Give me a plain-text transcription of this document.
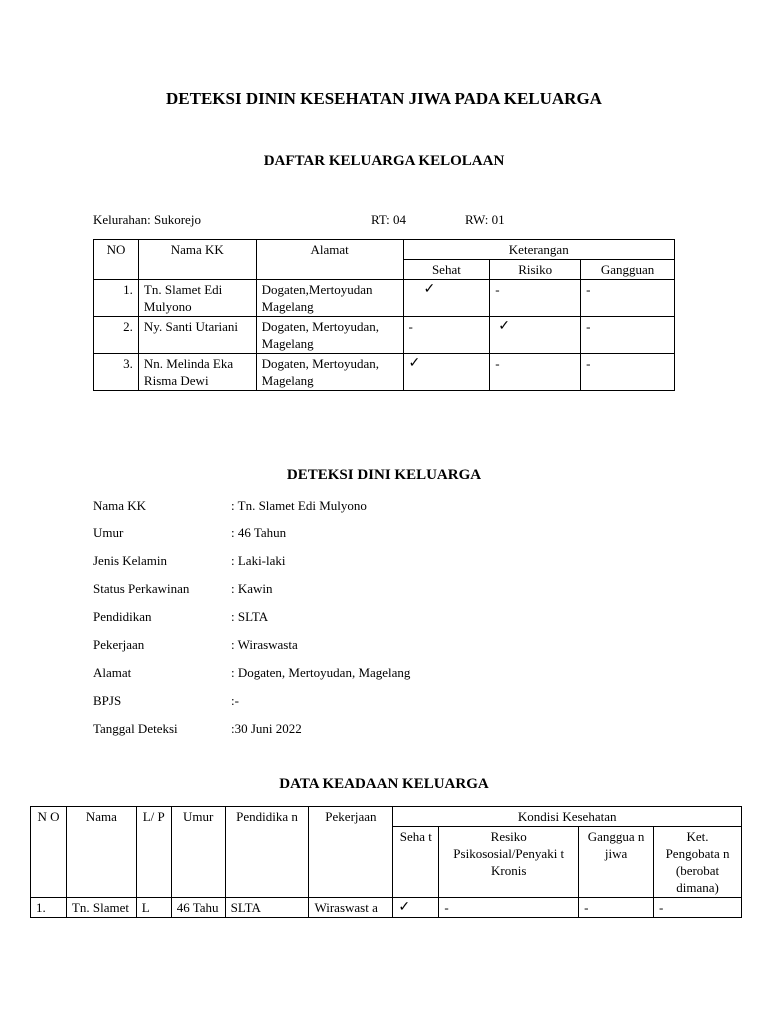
DETEKSI DININ KESEHATAN JIWA PADA KELUARGA
DAFTAR KELUARGA KELOLAAN
Kelurahan: Sukorejo	RT: 04	RW: 01
NO	Nama KK	Alamat	Keterangan		
			Sehat	Risiko	Gangguan
1.	Tn. Slamet Edi Mulyono	Dogaten,Mertoyudan Magelang	✓	-	-
2.	Ny. Santi Utariani	Dogaten, Mertoyudan, Magelang	-	✓	-
3.	Nn. Melinda Eka Risma Dewi	Dogaten, Mertoyudan, Magelang	✓	-	-
DETEKSI DINI KELUARGA
Nama KK	: Tn. Slamet Edi Mulyono
Umur	: 46 Tahun
Jenis Kelamin	: Laki-laki
Status Perkawinan	: Kawin
Pendidikan	: SLTA
Pekerjaan	: Wiraswasta
Alamat	: Dogaten, Mertoyudan, Magelang
BPJS	:-
Tanggal Deteksi	:30 Juni 2022
DATA KEADAAN KELUARGA
N O	Nama	L/ P	Umur	Pendidika n	Pekerjaan	Kondisi Kesehatan			
						Seha t	Resiko Psikososial/Penyaki t Kronis	Ganggua n jiwa	Ket. Pengobata n (berobat dimana)
1.	Tn. Slamet	L	46 Tahu	SLTA	Wiraswast a	✓	-	-	-
